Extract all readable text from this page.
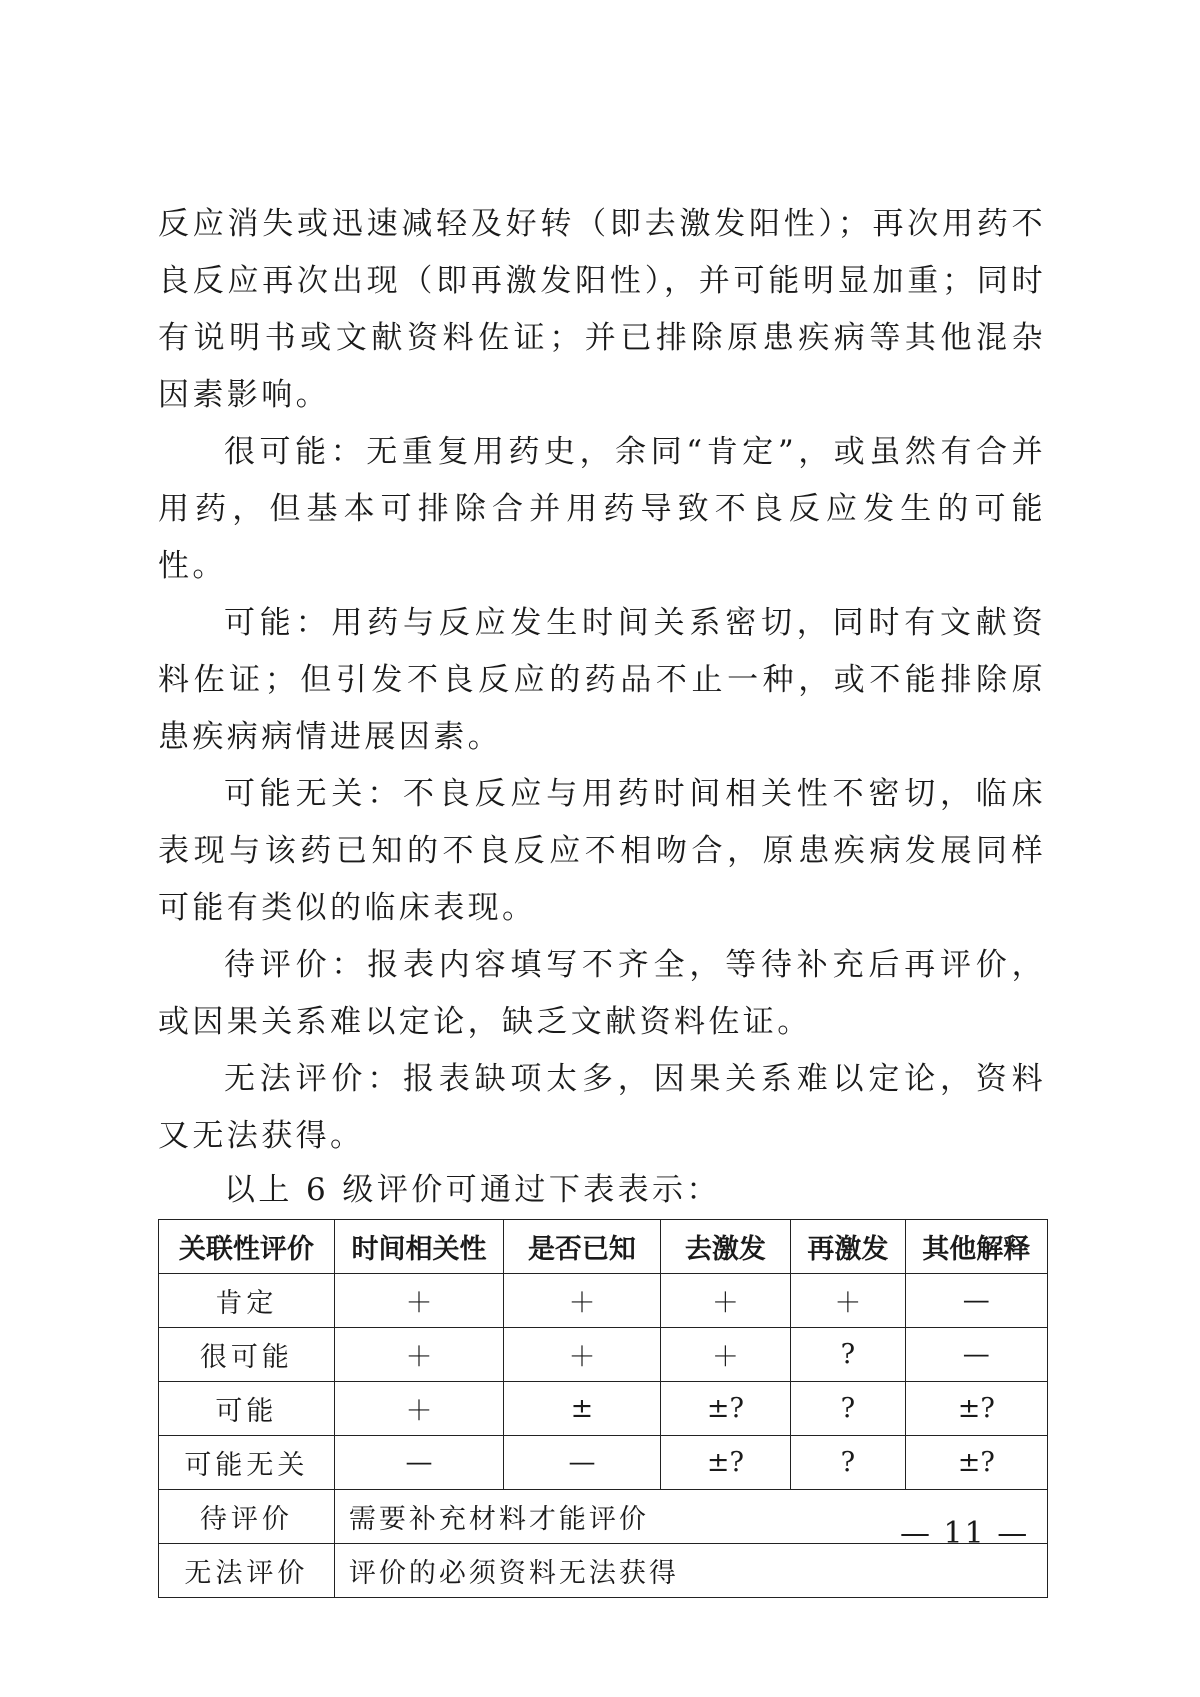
反应消失或迅速减轻及好转（即去激发阳性）；再次用药不良反应再次出现（即再激发阳性），并可能明显加重；同时有说明书或文献资料佐证；并已排除原患疾病等其他混杂因素影响。

很可能：无重复用药史，余同“肯定”，或虽然有合并用药，但基本可排除合并用药导致不良反应发生的可能性。

可能：用药与反应发生时间关系密切，同时有文献资料佐证；但引发不良反应的药品不止一种，或不能排除原患疾病病情进展因素。

可能无关：不良反应与用药时间相关性不密切，临床表现与该药已知的不良反应不相吻合，原患疾病发展同样可能有类似的临床表现。

待评价：报表内容填写不齐全，等待补充后再评价，或因果关系难以定论，缺乏文献资料佐证。

无法评价：报表缺项太多，因果关系难以定论，资料又无法获得。

以上 6 级评价可通过下表表示：

关联性评价	时间相关性	是否已知	去激发	再激发	其他解释
肯定	＋	＋	＋	＋	—
很可能	＋	＋	＋	?	—
可能	＋	±	±?	?	±?
可能无关	—	—	±?	?	±?
待评价	需要补充材料才能评价				
无法评价	评价的必须资料无法获得				
— 11 —
